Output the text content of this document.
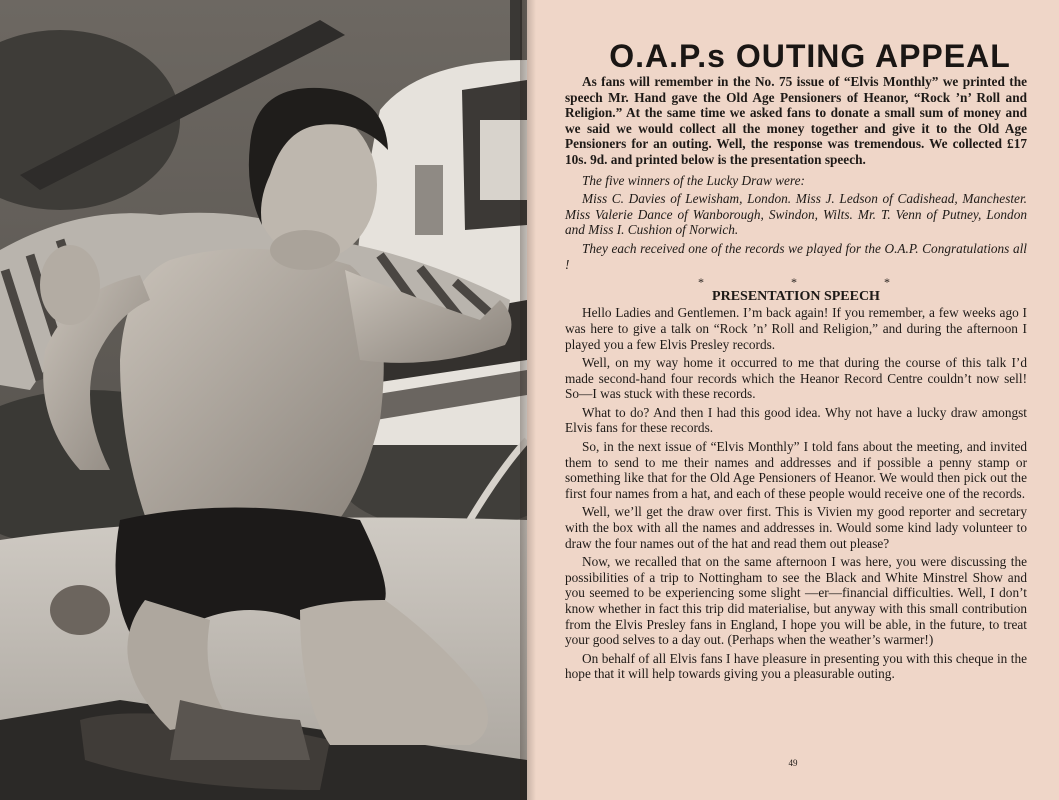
O.A.P.s OUTING APPEAL

As fans will remember in the No. 75 issue of “Elvis Monthly” we printed the speech Mr. Hand gave the Old Age Pensioners of Heanor, “Rock ’n’ Roll and Religion.” At the same time we asked fans to donate a small sum of money and we said we would collect all the money together and give it to the Old Age Pensioners for an outing. Well, the response was tremendous. We collected £17 10s. 9d. and printed below is the presentation speech.

The five winners of the Lucky Draw were:

Miss C. Davies of Lewisham, London. Miss J. Ledson of Cadishead, Manchester. Miss Valerie Dance of Wanborough, Swindon, Wilts. Mr. T. Venn of Putney, London and Miss I. Cushion of Norwich.

They each received one of the records we played for the O.A.P. Congratulations all !

* * *
PRESENTATION SPEECH

Hello Ladies and Gentlemen. I’m back again! If you remember, a few weeks ago I was here to give a talk on “Rock ’n’ Roll and Religion,” and during the afternoon I played you a few Elvis Presley records.

Well, on my way home it occurred to me that during the course of this talk I’d made second-hand four records which the Heanor Record Centre couldn’t now sell! So—I was stuck with these records.

What to do? And then I had this good idea. Why not have a lucky draw amongst Elvis fans for these records.

So, in the next issue of “Elvis Monthly” I told fans about the meeting, and invited them to send to me their names and addresses and if possible a penny stamp or something like that for the Old Age Pensioners of Heanor. We would then pick out the first four names from a hat, and each of these people would receive one of the records.

Well, we’ll get the draw over first. This is Vivien my good reporter and secretary with the box with all the names and addresses in. Would some kind lady volunteer to draw the four names out of the hat and read them out please?

Now, we recalled that on the same afternoon I was here, you were discussing the possibilities of a trip to Nottingham to see the Black and White Minstrel Show and you seemed to be experiencing some slight —er—financial difficulties. Well, I don’t know whether in fact this trip did materialise, but anyway with this small contribution from the Elvis Presley fans in England, I hope you will be able, in the future, to treat your good selves to a day out. (Perhaps when the weather’s warmer!)

On behalf of all Elvis fans I have pleasure in presenting you with this cheque in the hope that it will help towards giving you a pleasurable outing.

49
